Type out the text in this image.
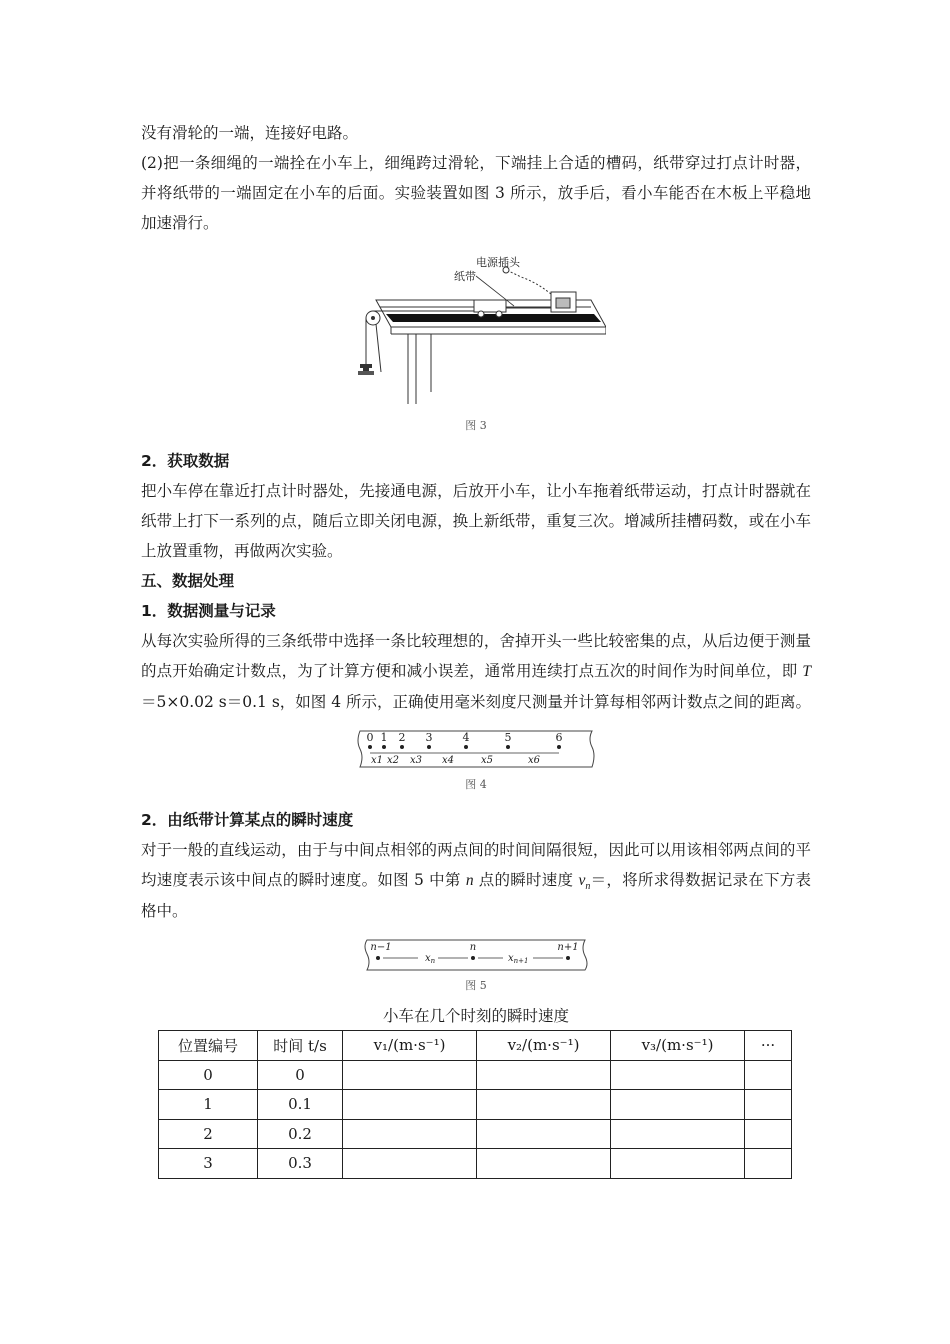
没有滑轮的一端，连接好电路。

(2)把一条细绳的一端拴在小车上，细绳跨过滑轮，下端挂上合适的槽码，纸带穿过打点计时器，并将纸带的一端固定在小车的后面。实验装置如图 3 所示，放手后，看小车能否在木板上平稳地加速滑行。

电源插头
纸带
图 3
2．获取数据

把小车停在靠近打点计时器处，先接通电源，后放开小车，让小车拖着纸带运动，打点计时器就在纸带上打下一系列的点，随后立即关闭电源，换上新纸带，重复三次。增减所挂槽码数，或在小车上放置重物，再做两次实验。

五、数据处理
1．数据测量与记录

从每次实验所得的三条纸带中选择一条比较理想的，舍掉开头一些比较密集的点，从后边便于测量的点开始确定计数点，为了计算方便和减小误差，通常用连续打点五次的时间作为时间单位，即 T＝5×0.02 s＝0.1 s，如图 4 所示，正确使用毫米刻度尺测量并计算每相邻两计数点之间的距离。

0 1 2 3	4	5	6
x1 x2 x3 x4	x5	x6
图 4
2．由纸带计算某点的瞬时速度

对于一般的直线运动，由于与中间点相邻的两点间的时间间隔很短，因此可以用该相邻两点间的平均速度表示该中间点的瞬时速度。如图 5 中第 n 点的瞬时速度 $v_n=$，将所求得数据记录在下方表格中。

n−1	n	n+1
$x_n$	$x_{n+1}$
图 5
小车在几个时刻的瞬时速度
位置编号	时间 t/s	v₁/(m·s⁻¹)	v₂/(m·s⁻¹)	v₃/(m·s⁻¹)	···
0	0				
1	0.1				
2	0.2				
3	0.3				
